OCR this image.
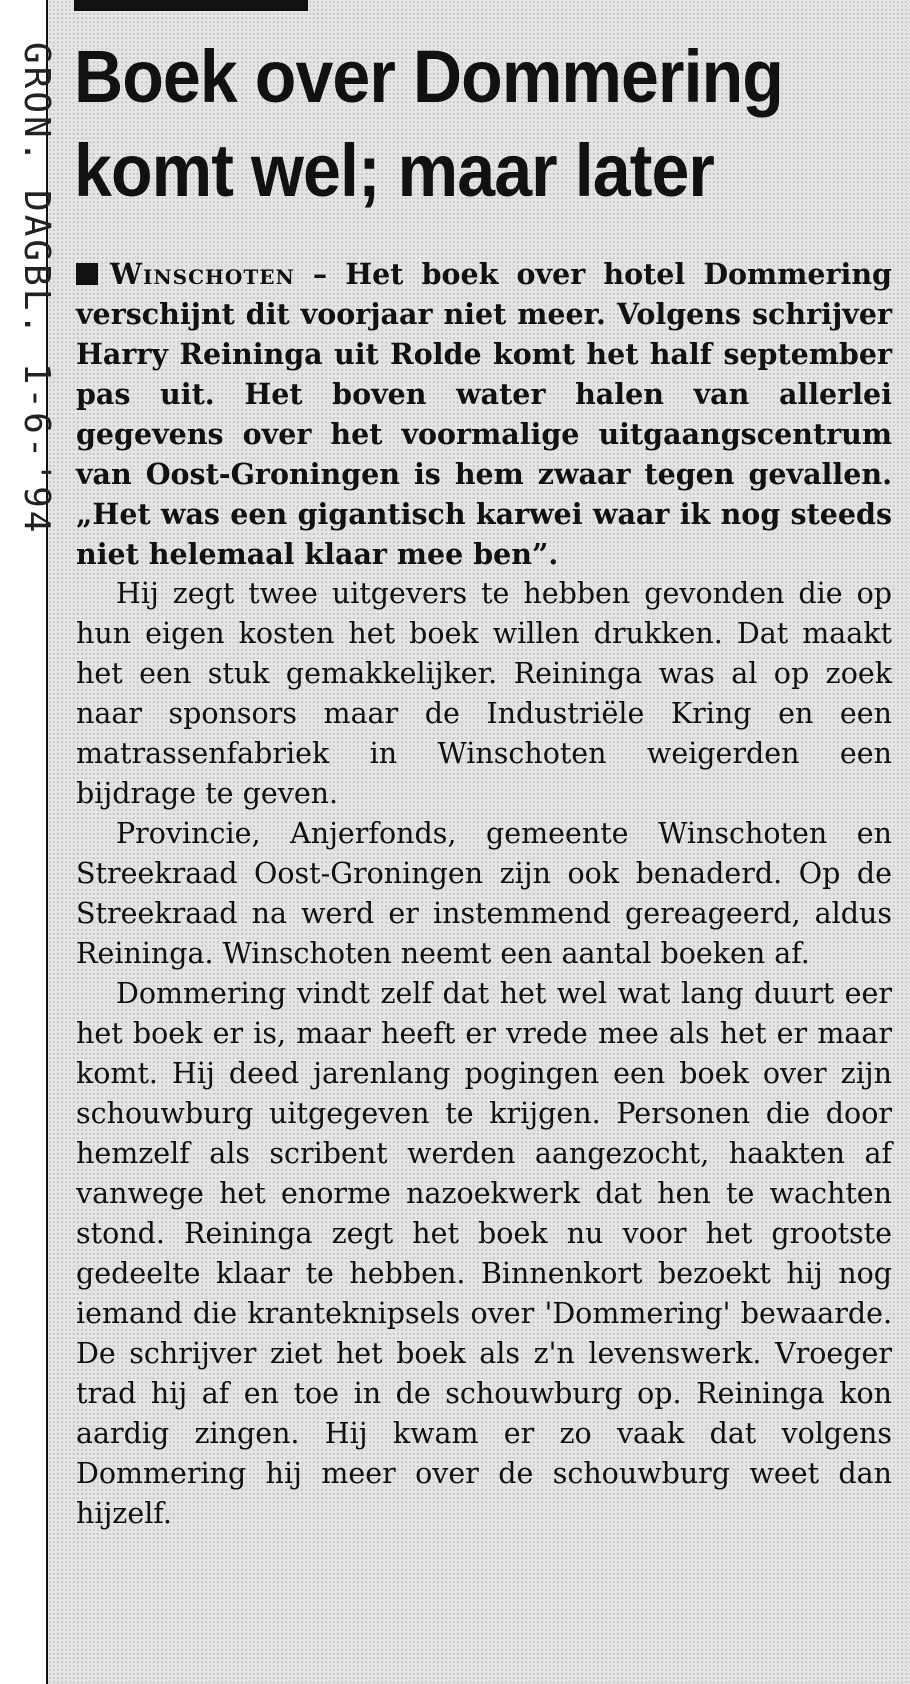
GRON. DAGBL. 1-6-'94 Boek over Dommering
komt wel; maar later

Winschoten – Het boek over hotel Dommering verschijnt dit voorjaar niet meer. Volgens schrijver Harry Reininga uit Rolde komt het half september pas uit. Het boven water halen van allerlei gegevens over het voormalige uitgaangscentrum van Oost-Groningen is hem zwaar tegen gevallen. „Het was een gigantisch karwei waar ik nog steeds niet helemaal klaar mee ben”.

Hij zegt twee uitgevers te hebben gevonden die op hun eigen kosten het boek willen drukken. Dat maakt het een stuk gemakkelijker. Reininga was al op zoek naar sponsors maar de Industriële Kring en een matrassenfabriek in Winschoten weigerden een bijdrage te geven.

Provincie, Anjerfonds, gemeente Winschoten en Streekraad Oost-Groningen zijn ook benaderd. Op de Streekraad na werd er instemmend gereageerd, aldus Reininga. Winschoten neemt een aantal boeken af.

Dommering vindt zelf dat het wel wat lang duurt eer het boek er is, maar heeft er vrede mee als het er maar komt. Hij deed jarenlang pogingen een boek over zijn schouwburg uitgegeven te krijgen. Personen die door hemzelf als scribent werden aangezocht, haakten af vanwege het enorme nazoekwerk dat hen te wachten stond. Reininga zegt het boek nu voor het grootste gedeelte klaar te hebben. Binnenkort bezoekt hij nog iemand die kranteknipsels over 'Dommering' bewaarde. De schrijver ziet het boek als z'n levenswerk. Vroeger trad hij af en toe in de schouwburg op. Reininga kon aardig zingen. Hij kwam er zo vaak dat volgens Dommering hij meer over de schouwburg weet dan hijzelf.
